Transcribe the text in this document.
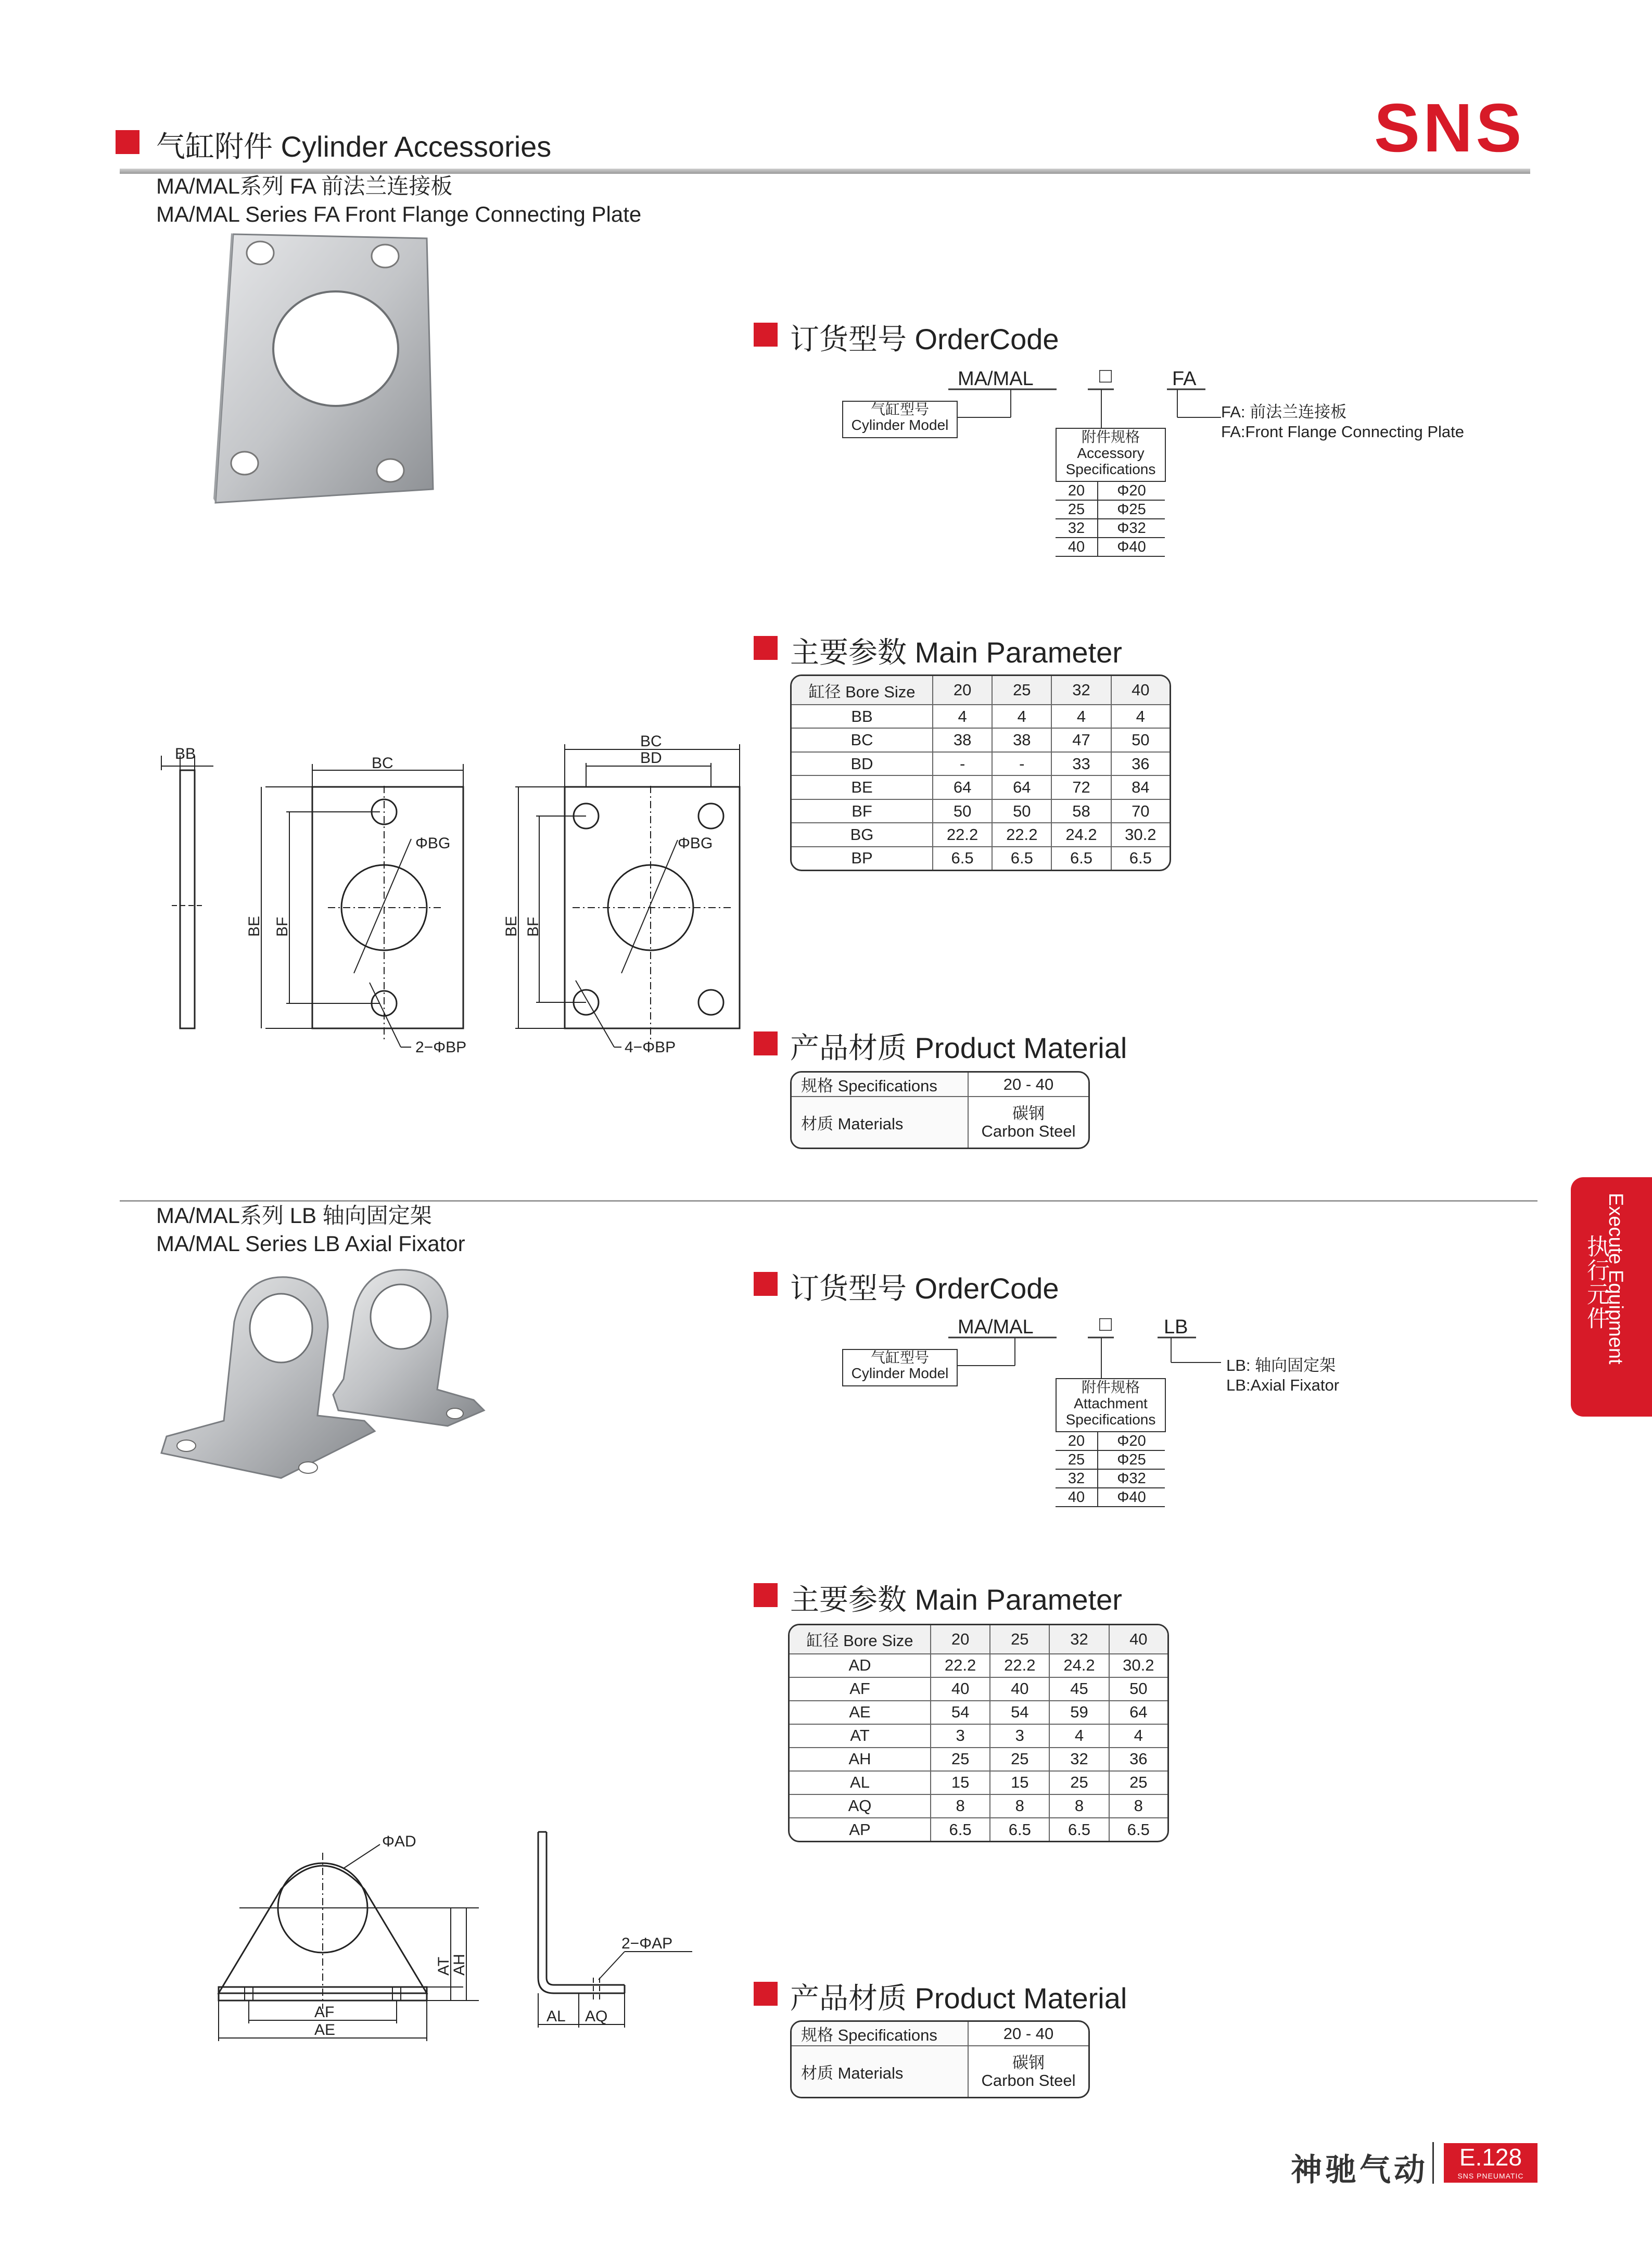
气缸附件 Cylinder Accessories	SNS
MA/MAL系列 FA 前法兰连接板
MA/MAL Series FA Front Flange Connecting Plate
订货型号 OrderCode
MA/MAL	□	FA
气缸型号
Cylinder Model
FA: 前法兰连接板
FA:Front Flange Connecting Plate
附件规格
Accessory
Specifications
20	Φ20
25	Φ25
32	Φ32
40	Φ40
主要参数 Main Parameter
缸径 Bore Size	20	25	32	40
BB	4	4	4	4
BC	38	38	47	50
BD	-	-	33	36
BE	64	64	72	84
BF	50	50	58	70
BG	22.2	22.2	24.2	30.2
BP	6.5	6.5	6.5	6.5
BB
BC
BE BF
ΦBG
2−ΦBP
BC
BD
BE BF
ΦBG
4−ΦBP	产品材质 Product Material
规格 Specifications	20 - 40
材质 Materials	碳钢
Carbon Steel
MA/MAL系列 LB 轴向固定架
MA/MAL Series LB Axial Fixator
订货型号 OrderCode
MA/MAL	□	LB
气缸型号
Cylinder Model	LB: 轴向固定架
LB:Axial Fixator
附件规格
Attachment
Specifications
20	Φ20
25	Φ25
32	Φ32
40	Φ40
主要参数 Main Parameter
缸径 Bore Size	20	25	32	40
AD	22.2	22.2	24.2	30.2
AF	40	40	45	50
AE	54	54	59	64
AT	3	3	4	4
AH	25	25	32	36
AL	15	15	25	25
AQ	8	8	8	8
AP	6.5	6.5	6.5	6.5
ΦAD
AF
AE
AT
AH
2−ΦAP
AL AQ
产品材质 Product Material
规格 Specifications	20 - 40
材质 Materials	碳钢
Carbon Steel
Execute Equipment
执行元件
神驰气动	E.128
SNS PNEUMATIC
